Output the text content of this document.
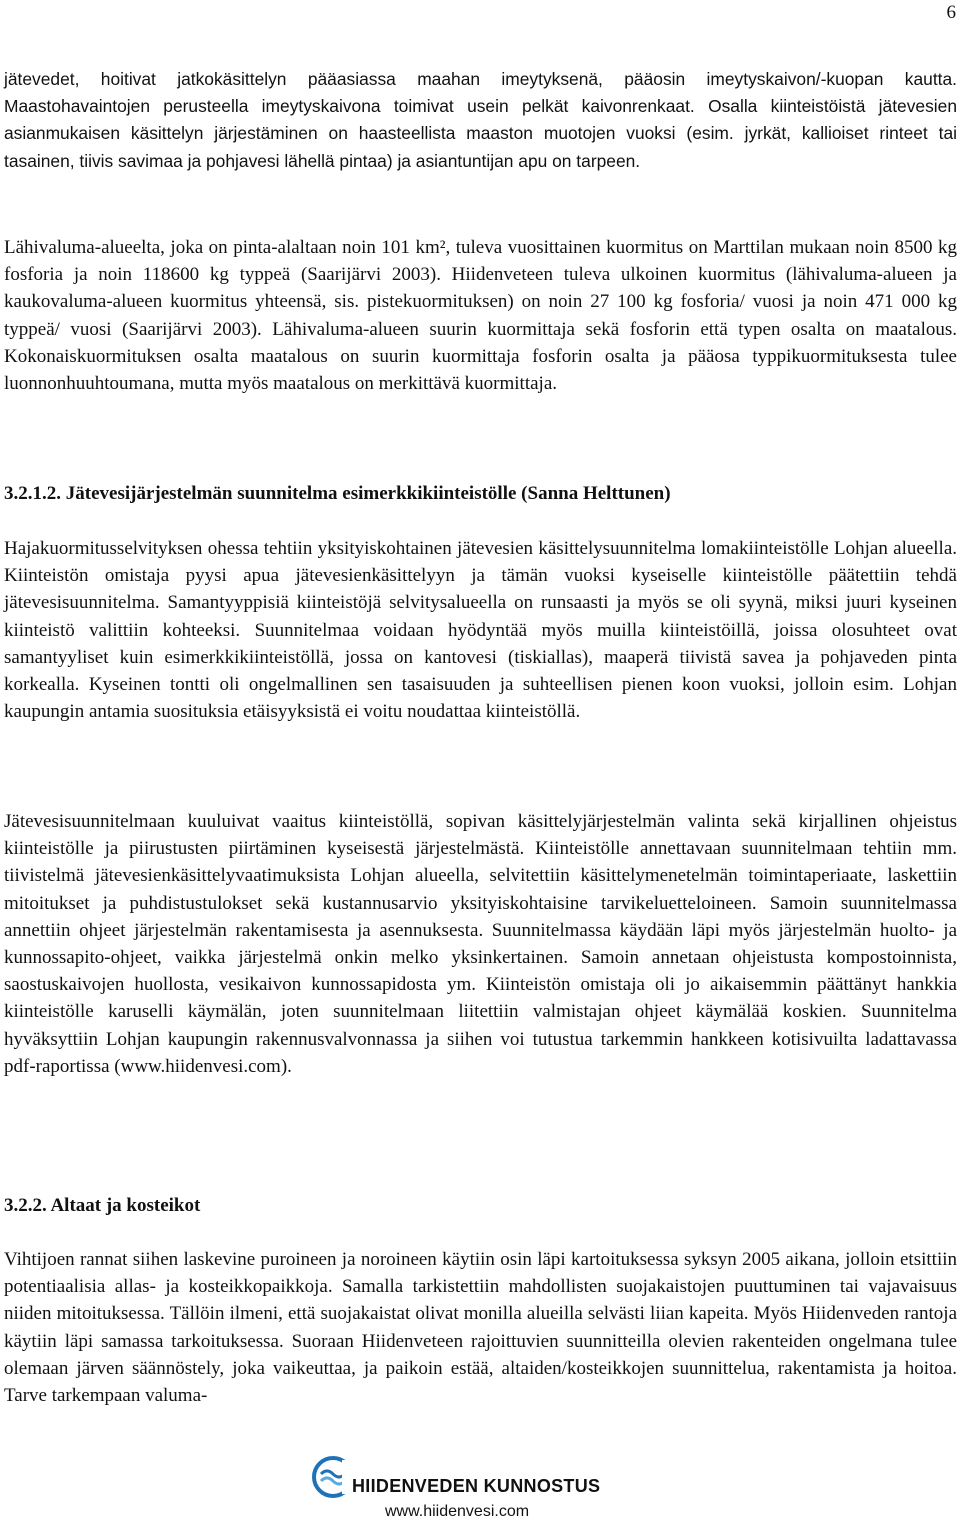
6

jätevedet, hoitivat jatkokäsittelyn pääasiassa maahan imeytyksenä, pääosin imeytyskaivon/-kuopan kautta. Maastohavaintojen perusteella imeytyskaivona toimivat usein pelkät kaivonrenkaat. Osalla kiinteistöistä jätevesien asianmukaisen käsittelyn järjestäminen on haasteellista maaston muotojen vuoksi (esim. jyrkät, kallioiset rinteet tai tasainen, tiivis savimaa ja pohjavesi lähellä pintaa) ja asiantuntijan apu on tarpeen.

Lähivaluma-alueelta, joka on pinta-alaltaan noin 101 km², tuleva vuosittainen kuormitus on Marttilan mukaan noin 8500 kg fosforia ja noin 118600 kg typpeä (Saarijärvi 2003). Hiidenveteen tuleva ulkoinen kuormitus (lähivaluma-alueen ja kaukovaluma-alueen kuormitus yhteensä, sis. pistekuormituksen) on noin 27 100 kg fosforia/ vuosi ja noin 471 000 kg typpeä/ vuosi (Saarijärvi 2003). Lähivaluma-alueen suurin kuormittaja sekä fosforin että typen osalta on maatalous. Kokonaiskuormituksen osalta maatalous on suurin kuormittaja fosforin osalta ja pääosa typpikuormituksesta tulee luonnonhuuhtoumana, mutta myös maatalous on merkittävä kuormittaja.

3.2.1.2. Jätevesijärjestelmän suunnitelma esimerkkikiinteistölle (Sanna Helttunen)

Hajakuormitusselvityksen ohessa tehtiin yksityiskohtainen jätevesien käsittelysuunnitelma lomakiinteistölle Lohjan alueella. Kiinteistön omistaja pyysi apua jätevesienkäsittelyyn ja tämän vuoksi kyseiselle kiinteistölle päätettiin tehdä jätevesisuunnitelma. Samantyyppisiä kiinteistöjä selvitysalueella on runsaasti ja myös se oli syynä, miksi juuri kyseinen kiinteistö valittiin kohteeksi. Suunnitelmaa voidaan hyödyntää myös muilla kiinteistöillä, joissa olosuhteet ovat samantyyliset kuin esimerkkikiinteistöllä, jossa on kantovesi (tiskiallas), maaperä tiivistä savea ja pohjaveden pinta korkealla. Kyseinen tontti oli ongelmallinen sen tasaisuuden ja suhteellisen pienen koon vuoksi, jolloin esim. Lohjan kaupungin antamia suosituksia etäisyyksistä ei voitu noudattaa kiinteistöllä.

Jätevesisuunnitelmaan kuuluivat vaaitus kiinteistöllä, sopivan käsittelyjärjestelmän valinta sekä kirjallinen ohjeistus kiinteistölle ja piirustusten piirtäminen kyseisestä järjestelmästä. Kiinteistölle annettavaan suunnitelmaan tehtiin mm. tiivistelmä jätevesienkäsittelyvaatimuksista Lohjan alueella, selvitettiin käsittelymenetelmän toimintaperiaate, laskettiin mitoitukset ja puhdistustulokset sekä kustannusarvio yksityiskohtaisine tarvikeluetteloineen. Samoin suunnitelmassa annettiin ohjeet järjestelmän rakentamisesta ja asennuksesta. Suunnitelmassa käydään läpi myös järjestelmän huolto- ja kunnossapito-ohjeet, vaikka järjestelmä onkin melko yksinkertainen. Samoin annetaan ohjeistusta kompostoinnista, saostuskaivojen huollosta, vesikaivon kunnossapidosta ym. Kiinteistön omistaja oli jo aikaisemmin päättänyt hankkia kiinteistölle karuselli käymälän, joten suunnitelmaan liitettiin valmistajan ohjeet käymälää koskien. Suunnitelma hyväksyttiin Lohjan kaupungin rakennusvalvonnassa ja siihen voi tutustua tarkemmin hankkeen kotisivuilta ladattavassa pdf-raportissa (www.hiidenvesi.com).

3.2.2. Altaat ja kosteikot

Vihtijoen rannat siihen laskevine puroineen ja noroineen käytiin osin läpi kartoituksessa syksyn 2005 aikana, jolloin etsittiin potentiaalisia allas- ja kosteikkopaikkoja. Samalla tarkistettiin mahdollisten suojakaistojen puuttuminen tai vajavaisuus niiden mitoituksessa. Tällöin ilmeni, että suojakaistat olivat monilla alueilla selvästi liian kapeita. Myös Hiidenveden rantoja käytiin läpi samassa tarkoituksessa. Suoraan Hiidenveteen rajoittuvien suunnitteilla olevien rakenteiden ongelmana tulee olemaan järven säännöstely, joka vaikeuttaa, ja paikoin estää, altaiden/kosteikkojen suunnittelua, rakentamista ja hoitoa. Tarve tarkempaan valuma-

HIIDENVEDEN KUNNOSTUS
www.hiidenvesi.com
